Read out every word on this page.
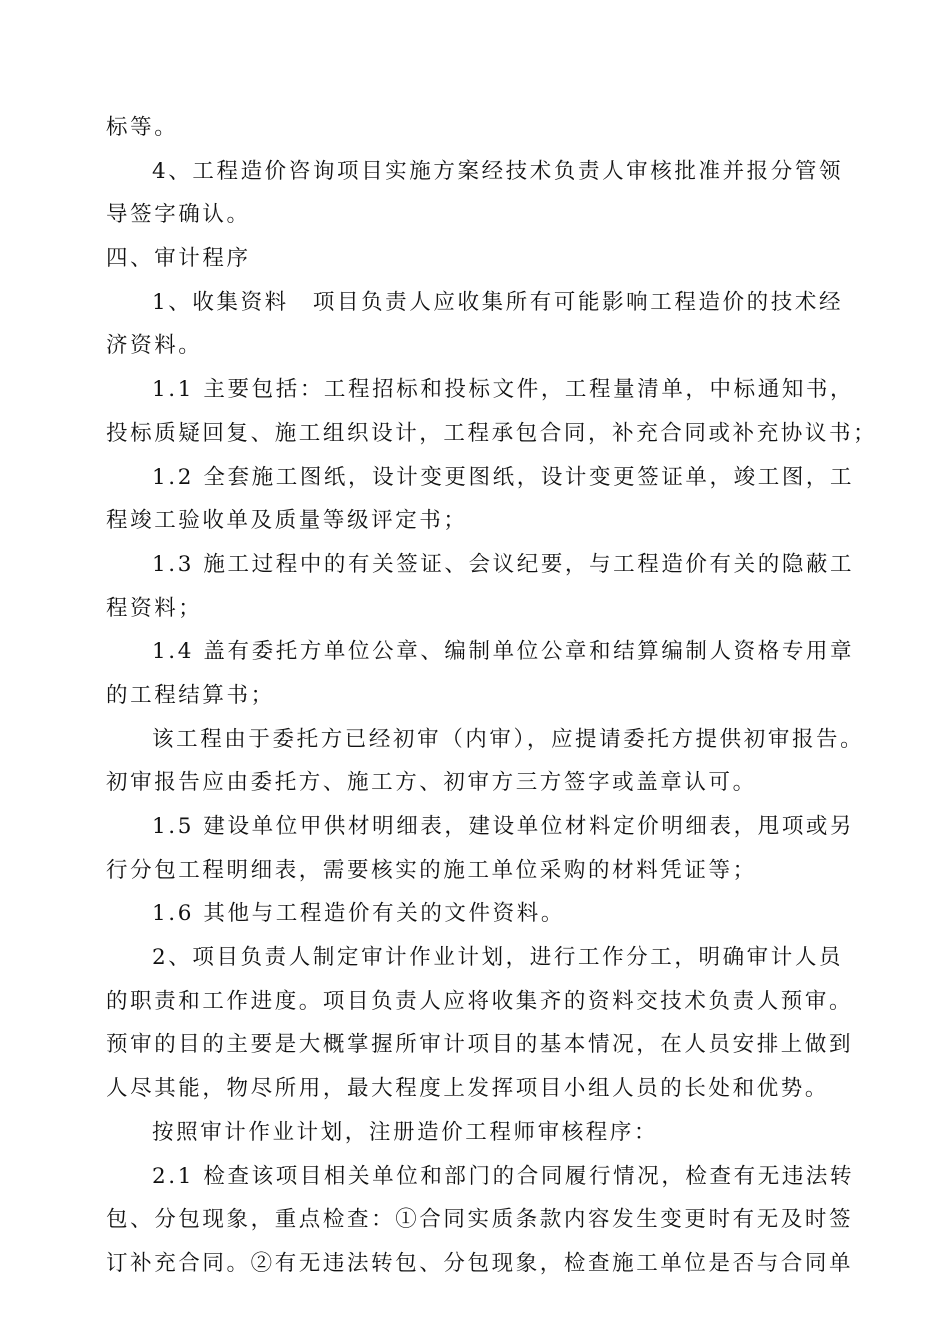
标等。
4、工程造价咨询项目实施方案经技术负责人审核批准并报分管领
导签字确认。
四、审计程序
1、收集资料　项目负责人应收集所有可能影响工程造价的技术经
济资料。
1.1 主要包括：工程招标和投标文件，工程量清单，中标通知书，
投标质疑回复、施工组织设计，工程承包合同，补充合同或补充协议书；
1.2 全套施工图纸，设计变更图纸，设计变更签证单，竣工图，工
程竣工验收单及质量等级评定书；
1.3 施工过程中的有关签证、会议纪要，与工程造价有关的隐蔽工
程资料；
1.4 盖有委托方单位公章、编制单位公章和结算编制人资格专用章
的工程结算书；
该工程由于委托方已经初审（内审），应提请委托方提供初审报告。
初审报告应由委托方、施工方、初审方三方签字或盖章认可。
1.5 建设单位甲供材明细表，建设单位材料定价明细表，甩项或另
行分包工程明细表，需要核实的施工单位采购的材料凭证等；
1.6 其他与工程造价有关的文件资料。
2、项目负责人制定审计作业计划，进行工作分工，明确审计人员
的职责和工作进度。项目负责人应将收集齐的资料交技术负责人预审。
预审的目的主要是大概掌握所审计项目的基本情况，在人员安排上做到
人尽其能，物尽所用，最大程度上发挥项目小组人员的长处和优势。
按照审计作业计划，注册造价工程师审核程序：
2.1 检查该项目相关单位和部门的合同履行情况，检查有无违法转
包、分包现象，重点检查：①合同实质条款内容发生变更时有无及时签
订补充合同。②有无违法转包、分包现象，检查施工单位是否与合同单
